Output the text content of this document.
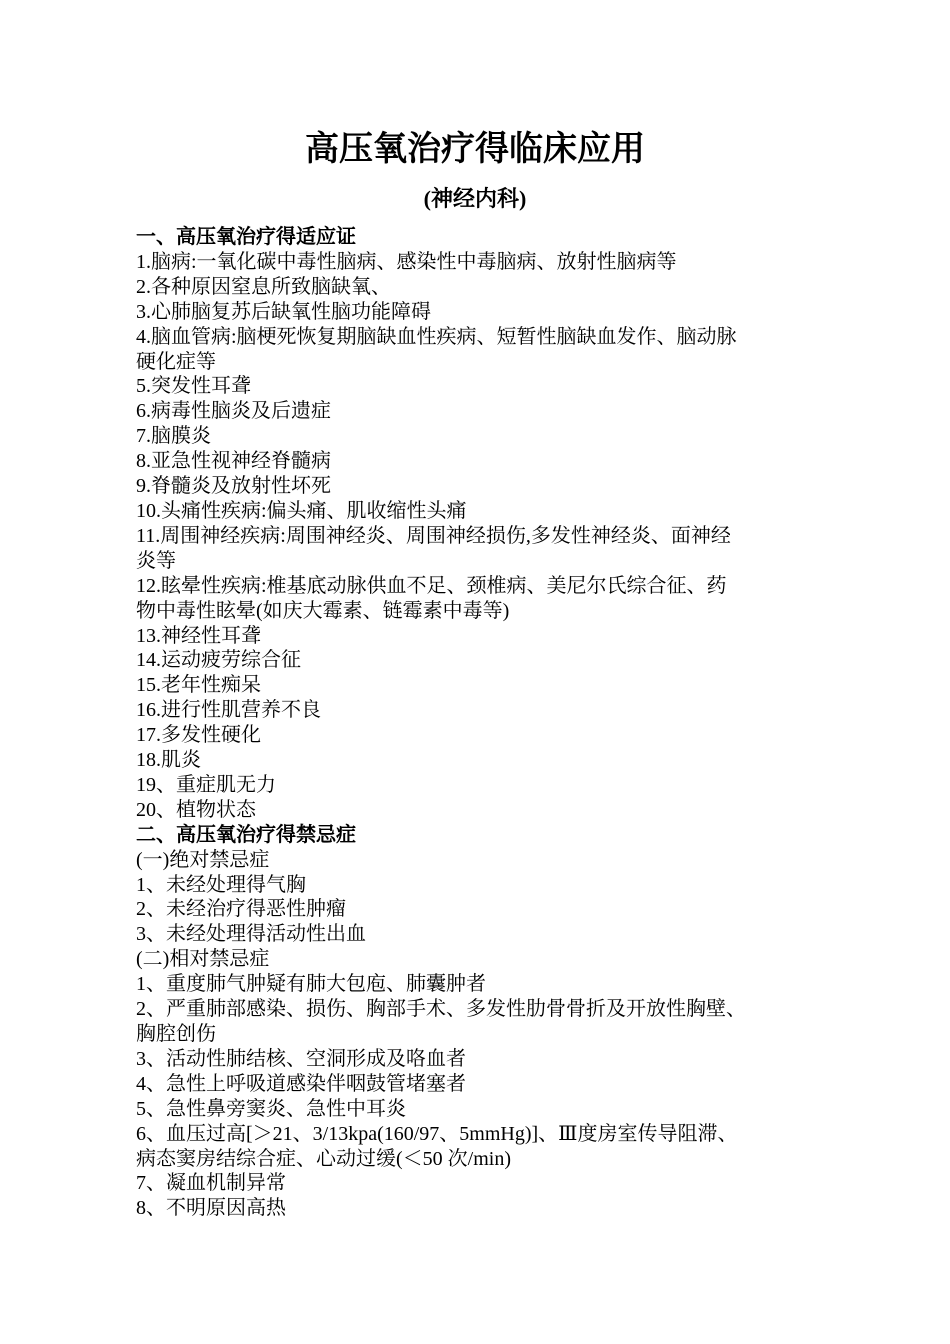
高压氧治疗得临床应用
(神经内科)
一、高压氧治疗得适应证
1.脑病:一氧化碳中毒性脑病、感染性中毒脑病、放射性脑病等
2.各种原因窒息所致脑缺氧、
3.心肺脑复苏后缺氧性脑功能障碍
4.脑血管病:脑梗死恢复期脑缺血性疾病、短暂性脑缺血发作、脑动脉
硬化症等
5.突发性耳聋
6.病毒性脑炎及后遗症
7.脑膜炎
8.亚急性视神经脊髓病
9.脊髓炎及放射性坏死
10.头痛性疾病:偏头痛、肌收缩性头痛
11.周围神经疾病:周围神经炎、周围神经损伤,多发性神经炎、面神经
炎等
12.眩晕性疾病:椎基底动脉供血不足、颈椎病、美尼尔氏综合征、药
物中毒性眩晕(如庆大霉素、链霉素中毒等)
13.神经性耳聋
14.运动疲劳综合征
15.老年性痴呆
16.进行性肌营养不良
17.多发性硬化
18.肌炎
19、重症肌无力
20、植物状态
二、高压氧治疗得禁忌症
(一)绝对禁忌症
1、未经处理得气胸
2、未经治疗得恶性肿瘤
3、未经处理得活动性出血
(二)相对禁忌症
1、重度肺气肿疑有肺大包庖、肺囊肿者
2、严重肺部感染、损伤、胸部手术、多发性肋骨骨折及开放性胸壁、
胸腔创伤
3、活动性肺结核、空洞形成及咯血者
4、急性上呼吸道感染伴咽鼓管堵塞者
5、急性鼻旁窦炎、急性中耳炎
6、血压过高[＞21、3/13kpa(160/97、5mmHg)]、Ⅲ度房室传导阻滞、
病态窦房结综合症、心动过缓(＜50 次/min)
7、凝血机制异常
8、不明原因高热
